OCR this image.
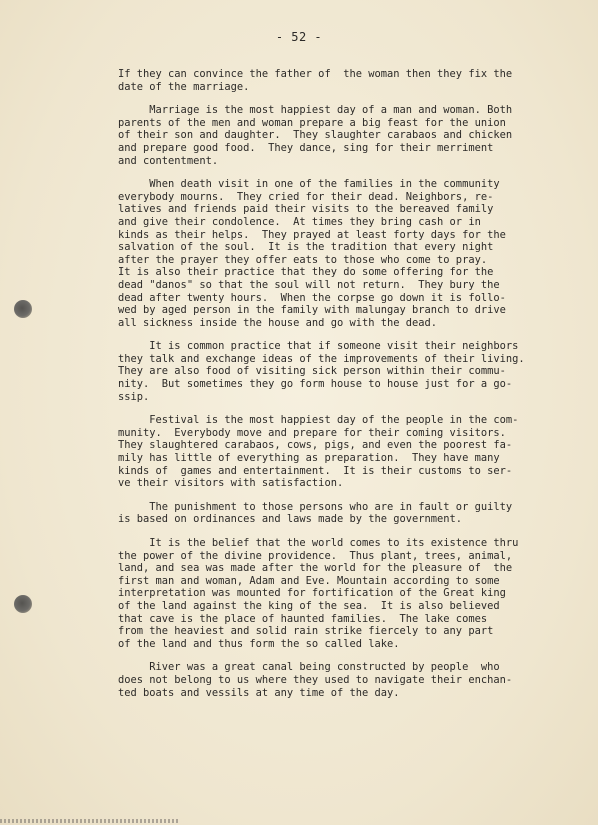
- 52 -
If they can convince the father of  the woman then they fix the
date of the marriage.
Marriage is the most happiest day of a man and woman. Both
parents of the men and woman prepare a big feast for the union
of their son and daughter.  They slaughter carabaos and chicken
and prepare good food.  They dance, sing for their merriment
and contentment.
When death visit in one of the families in the community
everybody mourns.  They cried for their dead. Neighbors, re-
latives and friends paid their visits to the bereaved family
and give their condolence.  At times they bring cash or in
kinds as their helps.  They prayed at least forty days for the
salvation of the soul.  It is the tradition that every night
after the prayer they offer eats to those who come to pray.
It is also their practice that they do some offering for the
dead "danos" so that the soul will not return.  They bury the
dead after twenty hours.  When the corpse go down it is follo-
wed by aged person in the family with malungay branch to drive
all sickness inside the house and go with the dead.
It is common practice that if someone visit their neighbors
they talk and exchange ideas of the improvements of their living.
They are also food of visiting sick person within their commu-
nity.  But sometimes they go form house to house just for a go-
ssip.
Festival is the most happiest day of the people in the com-
munity.  Everybody move and prepare for their coming visitors.
They slaughtered carabaos, cows, pigs, and even the poorest fa-
mily has little of everything as preparation.  They have many
kinds of  games and entertainment.  It is their customs to ser-
ve their visitors with satisfaction.
The punishment to those persons who are in fault or guilty
is based on ordinances and laws made by the government.
It is the belief that the world comes to its existence thru
the power of the divine providence.  Thus plant, trees, animal,
land, and sea was made after the world for the pleasure of  the
first man and woman, Adam and Eve. Mountain according to some
interpretation was mounted for fortification of the Great king
of the land against the king of the sea.  It is also believed
that cave is the place of haunted families.  The lake comes
from the heaviest and solid rain strike fiercely to any part
of the land and thus form the so called lake.
River was a great canal being constructed by people  who
does not belong to us where they used to navigate their enchan-
ted boats and vessils at any time of the day.
